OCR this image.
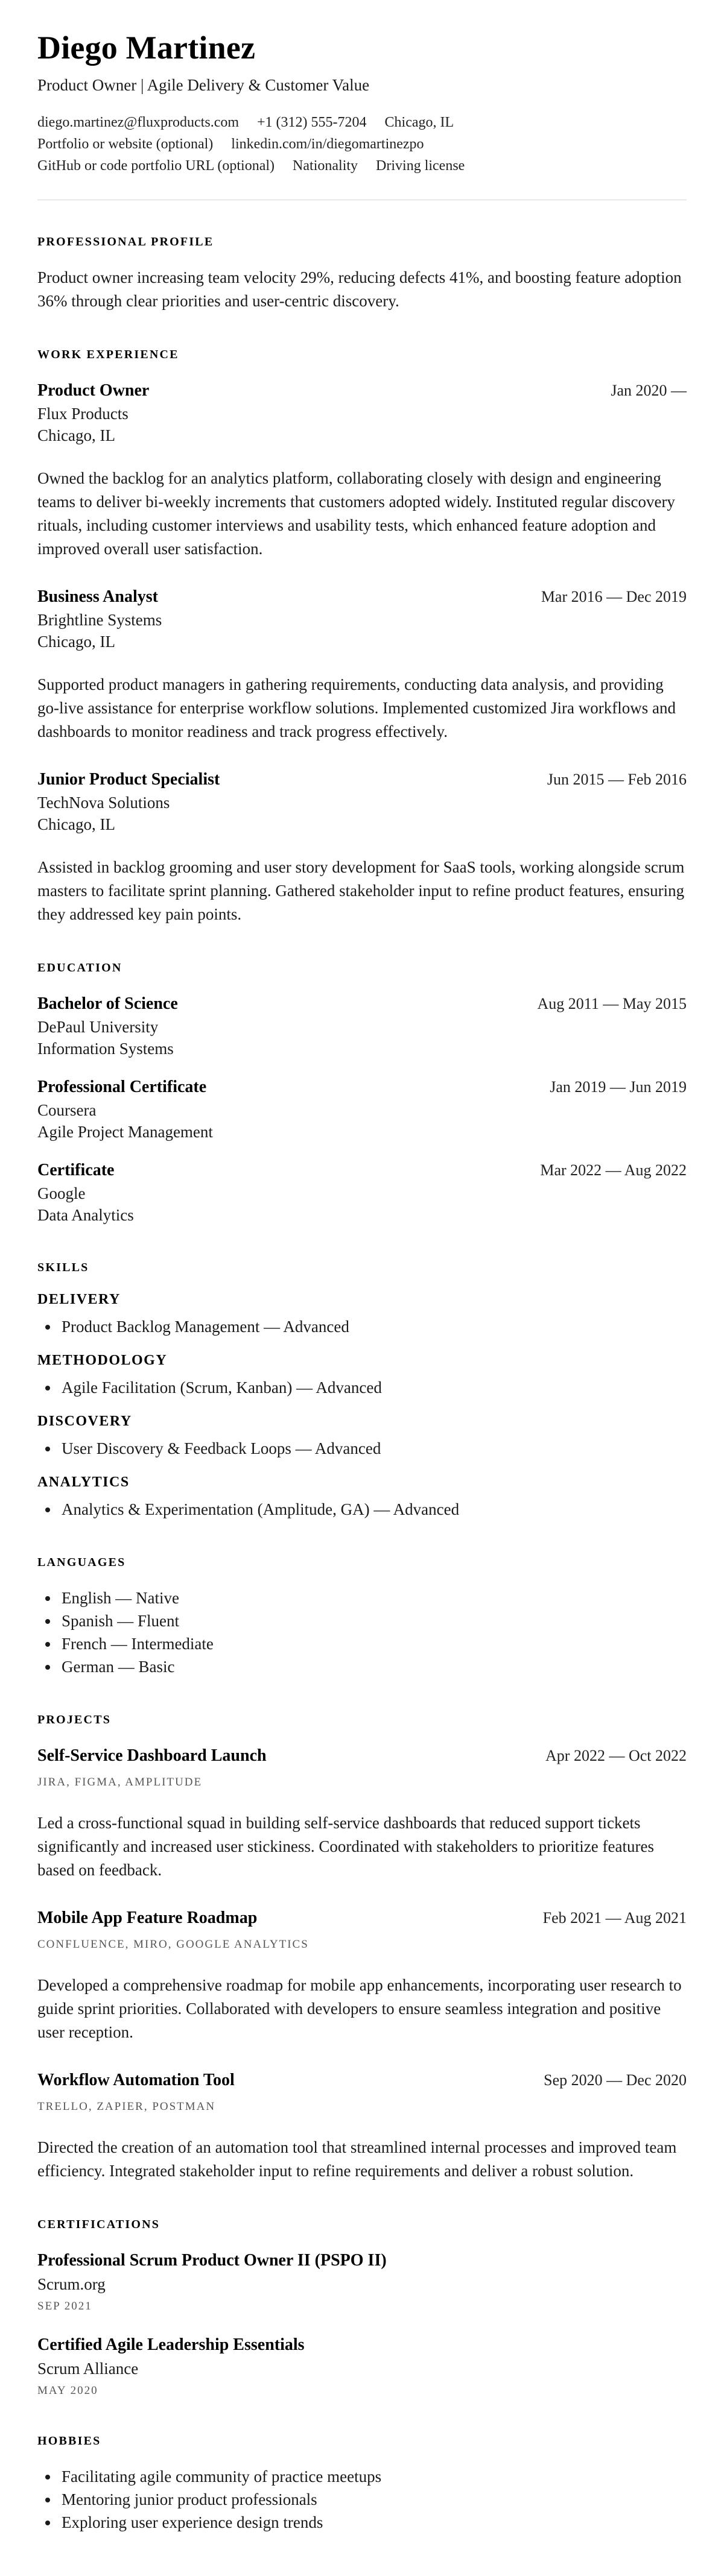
Diego Martinez

Product Owner | Agile Delivery & Customer Value

diego.martinez@fluxproducts.com +1 (312) 555-7204 Chicago, IL
Portfolio or website (optional) linkedin.com/in/diegomartinezpo
GitHub or code portfolio URL (optional) Nationality Driving license
PROFESSIONAL PROFILE

Product owner increasing team velocity 29%, reducing defects 41%, and boosting feature adoption 36% through clear priorities and user-centric discovery.

WORK EXPERIENCE
Product Owner	Jan 2020 —

Flux Products

Chicago, IL

Owned the backlog for an analytics platform, collaborating closely with design and engineering teams to deliver bi-weekly increments that customers adopted widely. Instituted regular discovery rituals, including customer interviews and usability tests, which enhanced feature adoption and improved overall user satisfaction.

Business Analyst	Mar 2016 — Dec 2019

Brightline Systems

Chicago, IL

Supported product managers in gathering requirements, conducting data analysis, and providing go-live assistance for enterprise workflow solutions. Implemented customized Jira workflows and dashboards to monitor readiness and track progress effectively.

Junior Product Specialist	Jun 2015 — Feb 2016

TechNova Solutions

Chicago, IL

Assisted in backlog grooming and user story development for SaaS tools, working alongside scrum masters to facilitate sprint planning. Gathered stakeholder input to refine product features, ensuring they addressed key pain points.

EDUCATION
Bachelor of Science	Aug 2011 — May 2015

DePaul University

Information Systems

Professional Certificate	Jan 2019 — Jun 2019

Coursera

Agile Project Management

Certificate	Mar 2022 — Aug 2022

Google

Data Analytics

SKILLS
DELIVERY
• Product Backlog Management — Advanced
METHODOLOGY
• Agile Facilitation (Scrum, Kanban) — Advanced
DISCOVERY
• User Discovery & Feedback Loops — Advanced
ANALYTICS
• Analytics & Experimentation (Amplitude, GA) — Advanced
LANGUAGES
• English — Native
• Spanish — Fluent
• French — Intermediate
• German — Basic
PROJECTS
Self-Service Dashboard Launch	Apr 2022 — Oct 2022

JIRA, FIGMA, AMPLITUDE

Led a cross-functional squad in building self-service dashboards that reduced support tickets significantly and increased user stickiness. Coordinated with stakeholders to prioritize features based on feedback.

Mobile App Feature Roadmap	Feb 2021 — Aug 2021

CONFLUENCE, MIRO, GOOGLE ANALYTICS

Developed a comprehensive roadmap for mobile app enhancements, incorporating user research to guide sprint priorities. Collaborated with developers to ensure seamless integration and positive user reception.

Workflow Automation Tool	Sep 2020 — Dec 2020

TRELLO, ZAPIER, POSTMAN

Directed the creation of an automation tool that streamlined internal processes and improved team efficiency. Integrated stakeholder input to refine requirements and deliver a robust solution.

CERTIFICATIONS
Professional Scrum Product Owner II (PSPO II)

Scrum.org

SEP 2021

Certified Agile Leadership Essentials

Scrum Alliance

MAY 2020

HOBBIES
• Facilitating agile community of practice meetups
• Mentoring junior product professionals
• Exploring user experience design trends
